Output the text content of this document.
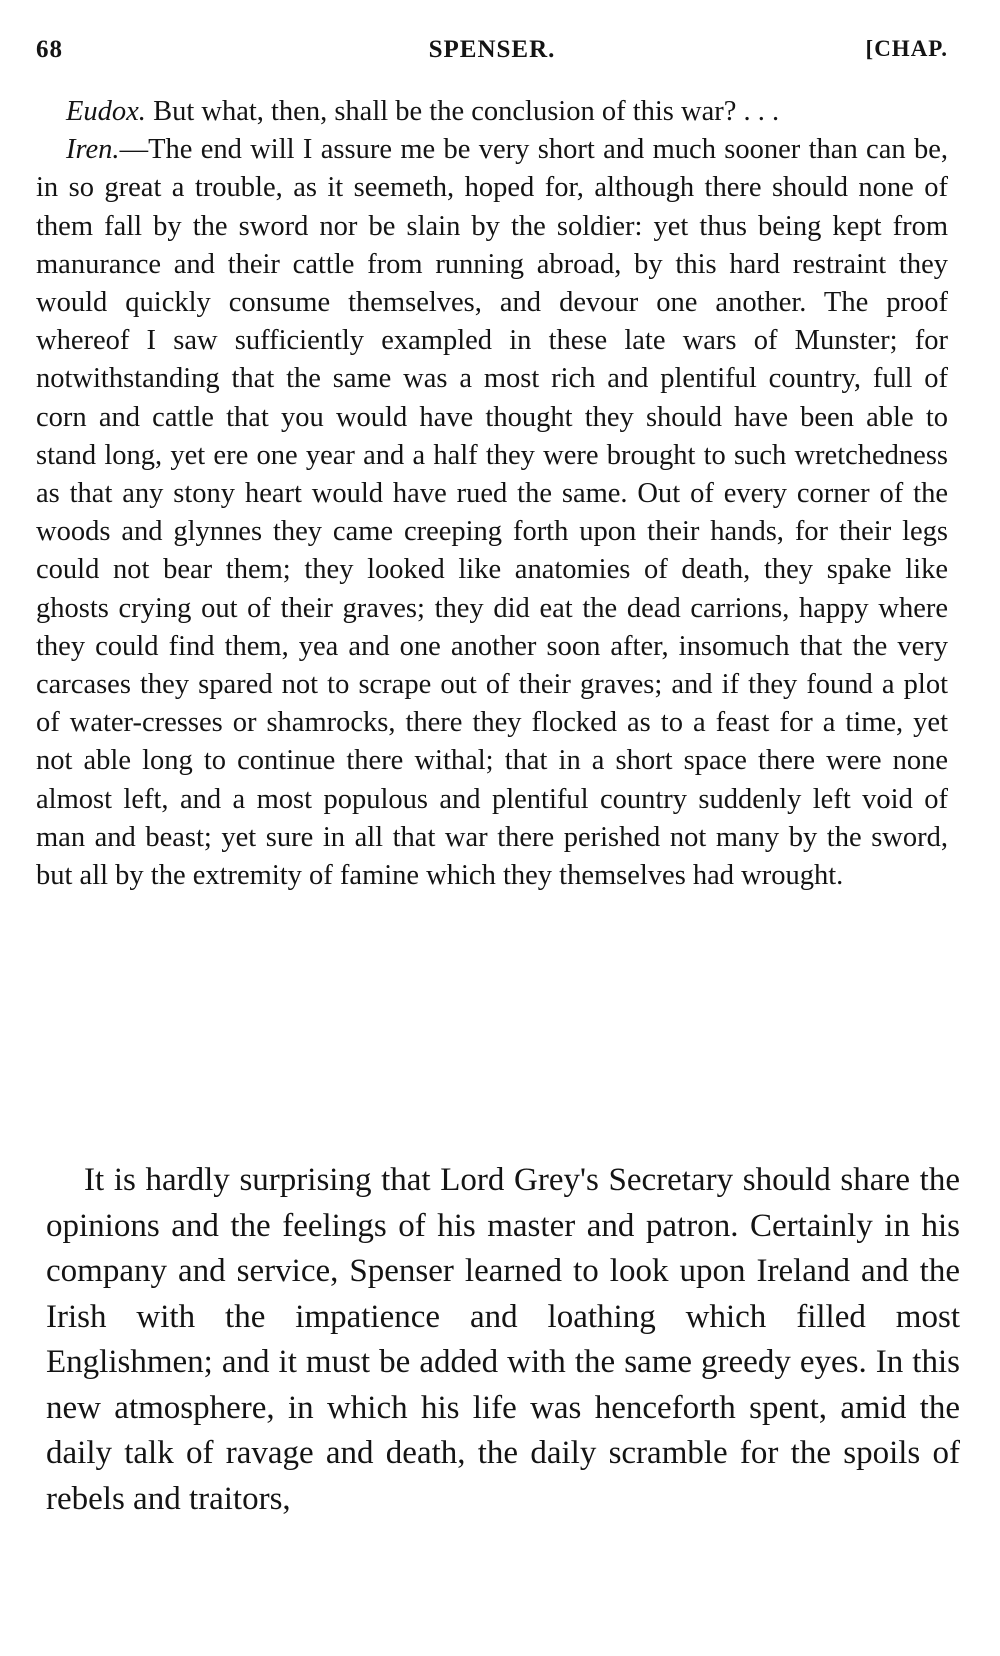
68	SPENSER.	[CHAP.

Eudox. But what, then, shall be the conclusion of this war? . . .

Iren.—The end will I assure me be very short and much sooner than can be, in so great a trouble, as it seemeth, hoped for, although there should none of them fall by the sword nor be slain by the soldier: yet thus being kept from manurance and their cattle from running abroad, by this hard restraint they would quickly consume themselves, and devour one another. The proof whereof I saw sufficiently exampled in these late wars of Munster; for notwithstanding that the same was a most rich and plentiful country, full of corn and cattle that you would have thought they should have been able to stand long, yet ere one year and a half they were brought to such wretchedness as that any stony heart would have rued the same. Out of every corner of the woods and glynnes they came creeping forth upon their hands, for their legs could not bear them; they looked like anatomies of death, they spake like ghosts crying out of their graves; they did eat the dead carrions, happy where they could find them, yea and one another soon after, insomuch that the very carcases they spared not to scrape out of their graves; and if they found a plot of water-cresses or shamrocks, there they flocked as to a feast for a time, yet not able long to continue there withal; that in a short space there were none almost left, and a most populous and plentiful country suddenly left void of man and beast; yet sure in all that war there perished not many by the sword, but all by the extremity of famine which they themselves had wrought.

It is hardly surprising that Lord Grey's Secretary should share the opinions and the feelings of his master and patron. Certainly in his company and service, Spenser learned to look upon Ireland and the Irish with the impatience and loathing which filled most Englishmen; and it must be added with the same greedy eyes. In this new atmosphere, in which his life was henceforth spent, amid the daily talk of ravage and death, the daily scramble for the spoils of rebels and traitors,
